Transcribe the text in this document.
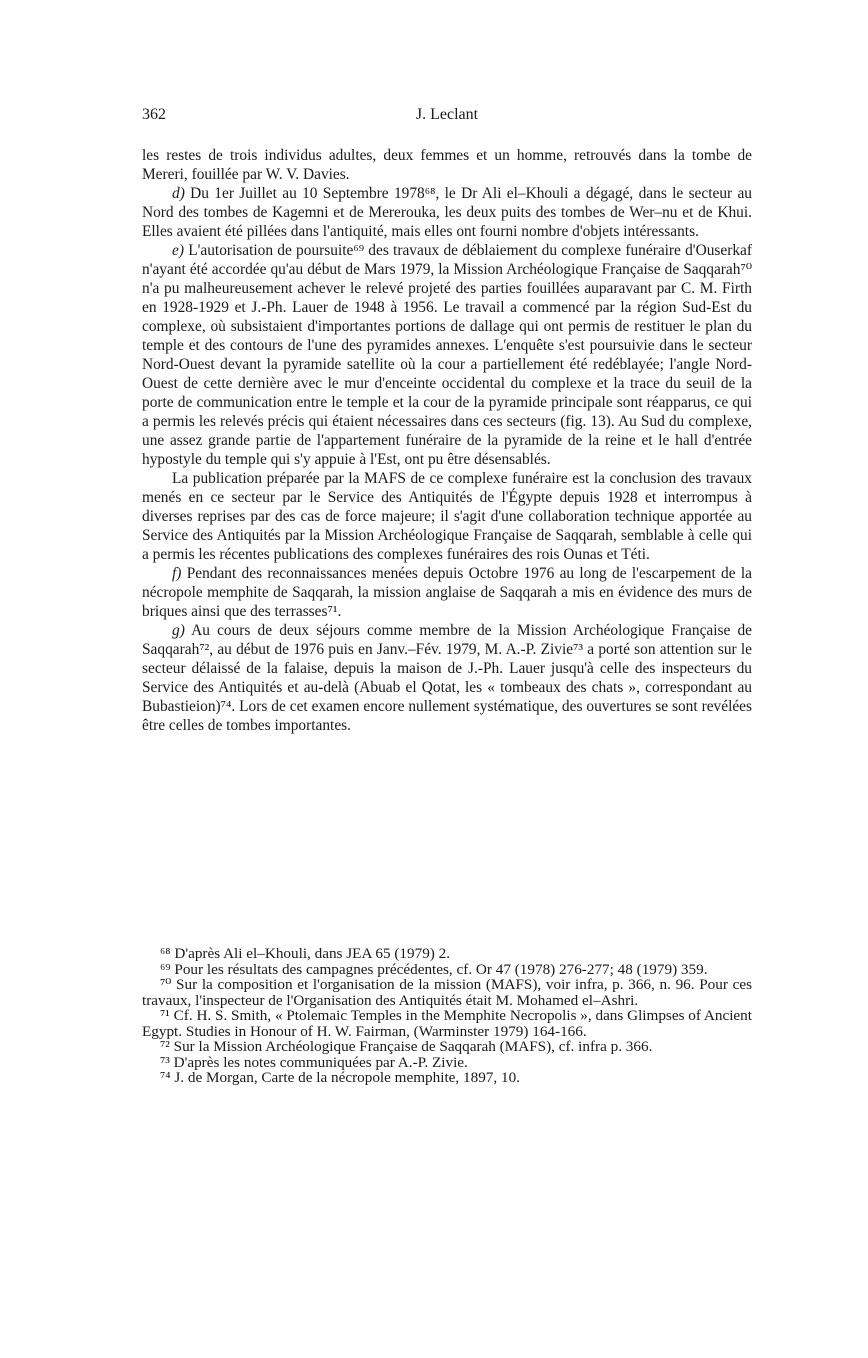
362	J. Leclant

les restes de trois individus adultes, deux femmes et un homme, retrouvés dans la tombe de Mereri, fouillée par W. V. Davies.

d) Du 1er Juillet au 10 Septembre 1978⁶⁸, le Dr Ali el–Khouli a dégagé, dans le secteur au Nord des tombes de Kagemni et de Mererouka, les deux puits des tombes de Wer–nu et de Khui. Elles avaient été pillées dans l'antiquité, mais elles ont fourni nombre d'objets intéressants.

e) L'autorisation de poursuite⁶⁹ des travaux de déblaiement du complexe funéraire d'Ouserkaf n'ayant été accordée qu'au début de Mars 1979, la Mission Archéologique Française de Saqqarah⁷⁰ n'a pu malheureusement achever le relevé projeté des parties fouillées auparavant par C. M. Firth en 1928-1929 et J.-Ph. Lauer de 1948 à 1956. Le travail a commencé par la région Sud-Est du complexe, où subsistaient d'importantes portions de dallage qui ont permis de restituer le plan du temple et des contours de l'une des pyramides annexes. L'enquête s'est poursuivie dans le secteur Nord-Ouest devant la pyramide satellite où la cour a partiellement été redéblayée; l'angle Nord-Ouest de cette dernière avec le mur d'enceinte occidental du complexe et la trace du seuil de la porte de communication entre le temple et la cour de la pyramide principale sont réapparus, ce qui a permis les relevés précis qui étaient nécessaires dans ces secteurs (fig. 13). Au Sud du complexe, une assez grande partie de l'appartement funéraire de la pyramide de la reine et le hall d'entrée hypostyle du temple qui s'y appuie à l'Est, ont pu être désensablés.

La publication préparée par la MAFS de ce complexe funéraire est la conclusion des travaux menés en ce secteur par le Service des Antiquités de l'Égypte depuis 1928 et interrompus à diverses reprises par des cas de force majeure; il s'agit d'une collaboration technique apportée au Service des Antiquités par la Mission Archéologique Française de Saqqarah, semblable à celle qui a permis les récentes publications des complexes funéraires des rois Ounas et Téti.

f) Pendant des reconnaissances menées depuis Octobre 1976 au long de l'escarpement de la nécropole memphite de Saqqarah, la mission anglaise de Saqqarah a mis en évidence des murs de briques ainsi que des terrasses⁷¹.

g) Au cours de deux séjours comme membre de la Mission Archéologique Française de Saqqarah⁷², au début de 1976 puis en Janv.–Fév. 1979, M. A.-P. Zivie⁷³ a porté son attention sur le secteur délaissé de la falaise, depuis la maison de J.-Ph. Lauer jusqu'à celle des inspecteurs du Service des Antiquités et au-delà (Abuab el Qotat, les « tombeaux des chats », correspondant au Bubastieion)⁷⁴. Lors de cet examen encore nullement systématique, des ouvertures se sont revélées être celles de tombes importantes.

⁶⁸ D'après Ali el–Khouli, dans JEA 65 (1979) 2.

⁶⁹ Pour les résultats des campagnes précédentes, cf. Or 47 (1978) 276-277; 48 (1979) 359.

⁷⁰ Sur la composition et l'organisation de la mission (MAFS), voir infra, p. 366, n. 96. Pour ces travaux, l'inspecteur de l'Organisation des Antiquités était M. Mohamed el–Ashri.

⁷¹ Cf. H. S. Smith, « Ptolemaic Temples in the Memphite Necropolis », dans Glimpses of Ancient Egypt. Studies in Honour of H. W. Fairman, (Warminster 1979) 164-166.

⁷² Sur la Mission Archéologique Française de Saqqarah (MAFS), cf. infra p. 366.

⁷³ D'après les notes communiquées par A.-P. Zivie.

⁷⁴ J. de Morgan, Carte de la nécropole memphite, 1897, 10.
